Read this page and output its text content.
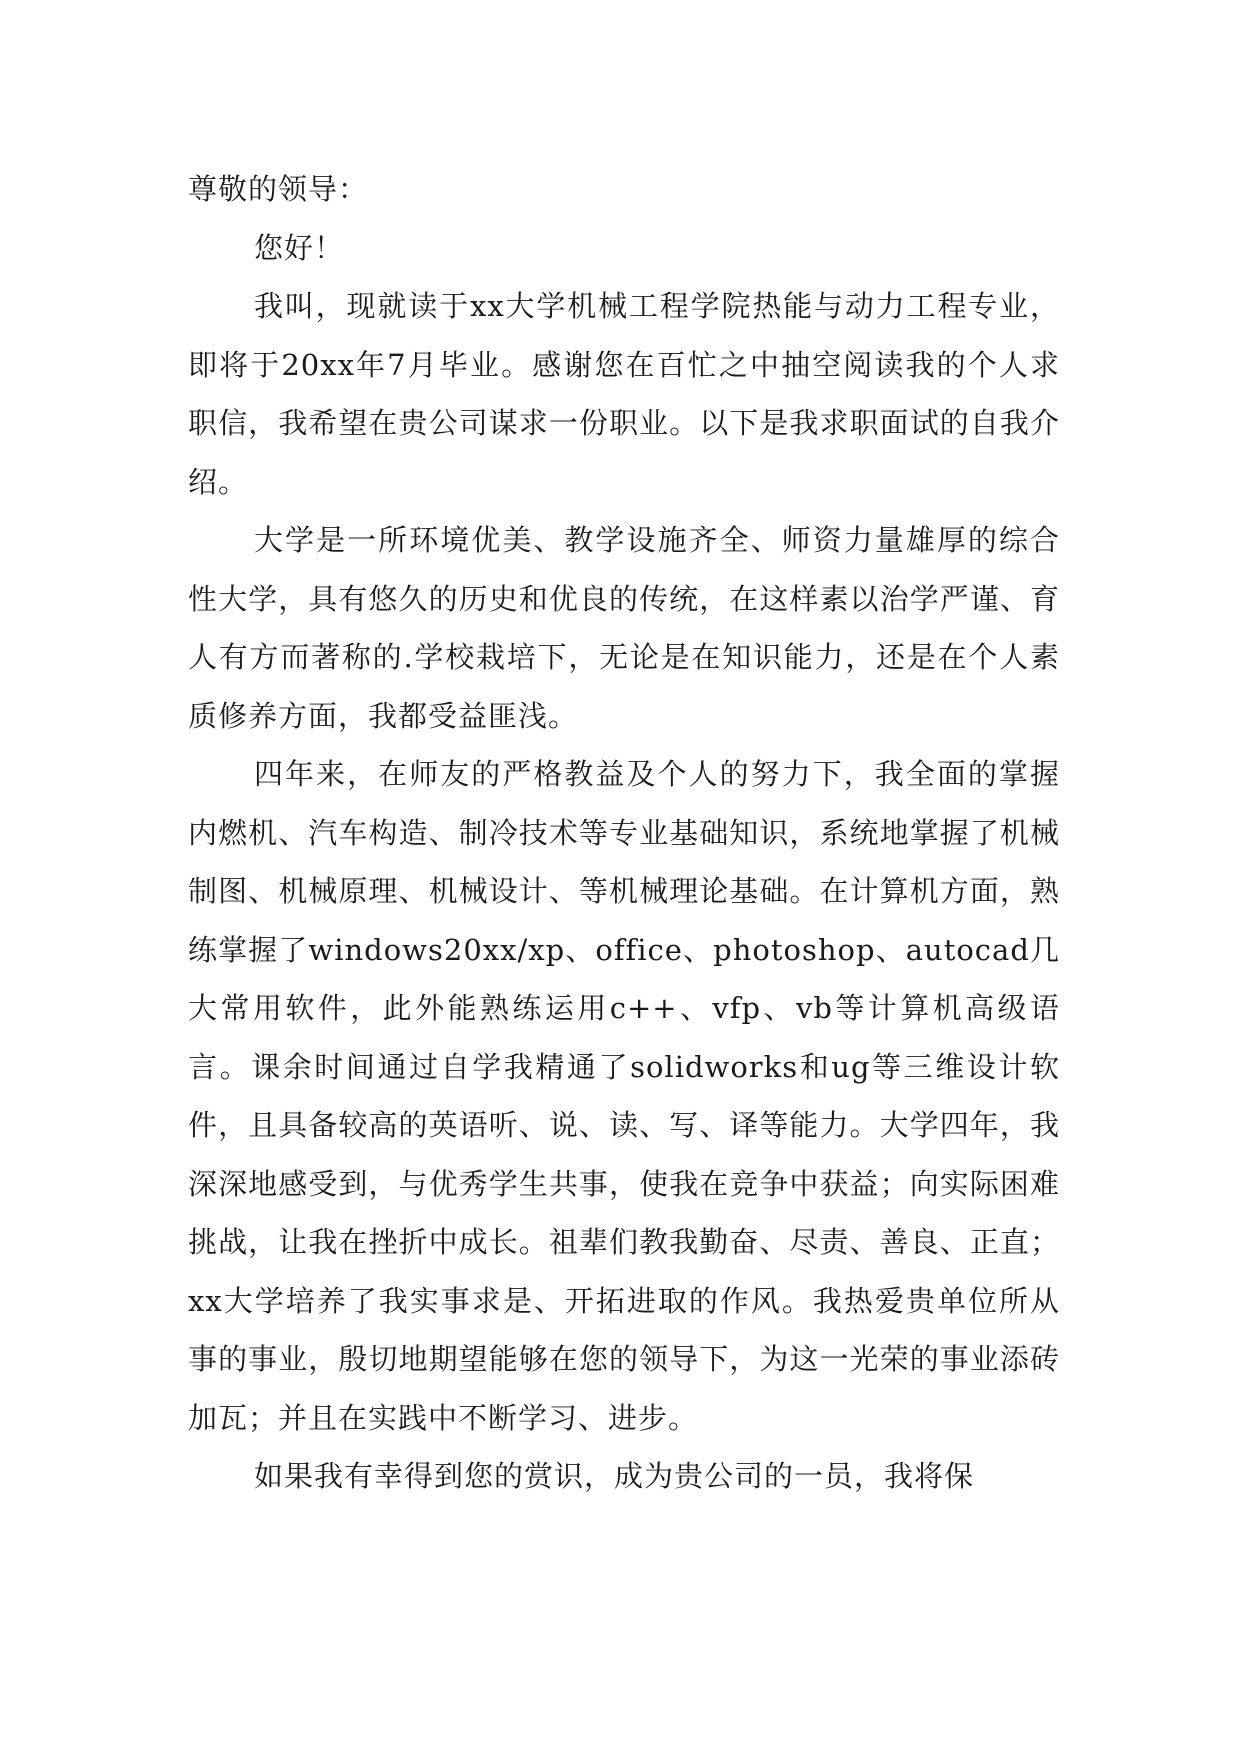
尊敬的领导：

您好！

我叫，现就读于xx大学机械工程学院热能与动力工程专业，即将于20xx年7月毕业。感谢您在百忙之中抽空阅读我的个人求职信，我希望在贵公司谋求一份职业。以下是我求职面试的自我介绍。

大学是一所环境优美、教学设施齐全、师资力量雄厚的综合性大学，具有悠久的历史和优良的传统，在这样素以治学严谨、育人有方而著称的.学校栽培下，无论是在知识能力，还是在个人素质修养方面，我都受益匪浅。

四年来，在师友的严格教益及个人的努力下，我全面的掌握内燃机、汽车构造、制冷技术等专业基础知识，系统地掌握了机械制图、机械原理、机械设计、等机械理论基础。在计算机方面，熟练掌握了windows20xx/xp、office、photoshop、autocad几大常用软件，此外能熟练运用c++、vfp、vb等计算机高级语言。课余时间通过自学我精通了solidworks和ug等三维设计软件，且具备较高的英语听、说、读、写、译等能力。大学四年，我深深地感受到，与优秀学生共事，使我在竞争中获益；向实际困难挑战，让我在挫折中成长。祖辈们教我勤奋、尽责、善良、正直；xx大学培养了我实事求是、开拓进取的作风。我热爱贵单位所从事的事业，殷切地期望能够在您的领导下，为这一光荣的事业添砖加瓦；并且在实践中不断学习、进步。

如果我有幸得到您的赏识，成为贵公司的一员，我将保
